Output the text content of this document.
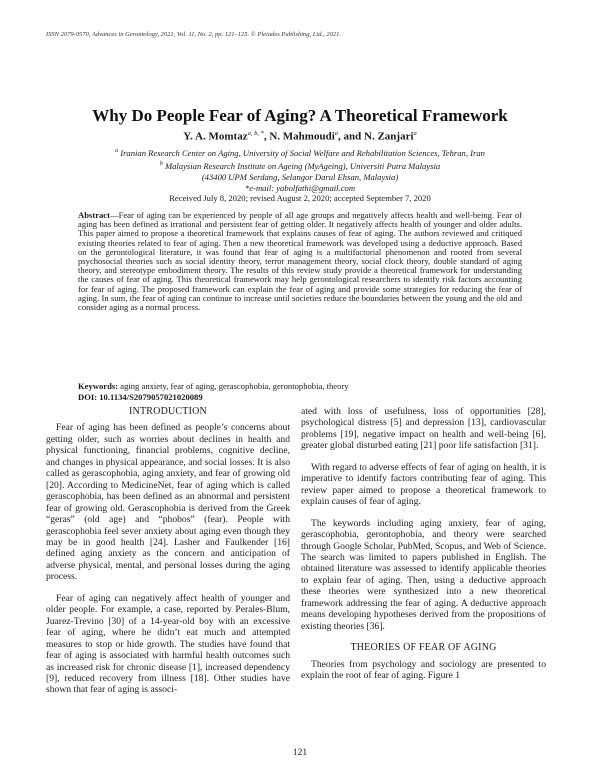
ISSN 2079-0570, Advances in Gerontology, 2021, Vol. 11, No. 2, pp. 121–125. © Pleiades Publishing, Ltd., 2021.
Why Do People Fear of Aging? A Theoretical Framework
Y. A. Momtaz$^{a, b, *}$, N. Mahmoudi$^a$, and N. Zanjari$^a$
$^a$ Iranian Research Center on Aging, University of Social Welfare and Rehabilitation Sciences, Tehran, Iran
$^b$ Malaysian Research Institute on Ageing (MyAgeing), Universiti Putra Malaysia
(43400 UPM Serdang, Selangor Darul Ehsan, Malaysia)
*e-mail: yabolfathi@gmail.com
Received July 8, 2020; revised August 2, 2020; accepted September 7, 2020
Abstract—Fear of aging can be experienced by people of all age groups and negatively affects health and well-being. Fear of aging has been defined as irrational and persistent fear of getting older. It negatively affects health of younger and older adults. This paper aimed to propose a theoretical framework that explains causes of fear of aging. The authors reviewed and critiqued existing theories related to fear of aging. Then a new theoretical framework was developed using a deductive approach. Based on the gerontological literature, it was found that fear of aging is a multifactorial phenomenon and rooted from several psychosocial theories such as social identity theory, terror management theory, social clock theory, double standard of aging theory, and stereotype embodiment theory. The results of this review study provide a theoretical framework for understanding the causes of fear of aging. This theoretical framework may help gerontological researchers to identify risk factors accounting for fear of aging. The proposed framework can explain the fear of aging and provide some strategies for reducing the fear of aging. In sum, the fear of aging can continue to increase until societies reduce the boundaries between the young and the old and consider aging as a normal process.
Keywords: aging anxiety, fear of aging, gerascophobia, gerontophobia, theory
DOI: 10.1134/S2079057021020089
INTRODUCTION

Fear of aging has been defined as people’s concerns about getting older, such as worries about declines in health and physical functioning, financial problems, cognitive decline, and changes in physical appearance, and social losses. It is also called as gerascophobia, aging anxiety, and fear of growing old [20]. According to MedicineNet, fear of aging which is called gerascophobia, has been defined as an abnormal and persistent fear of growing old. Gerascophobia is derived from the Greek “geras” (old age) and “phobos” (fear). People with gerascophobia feel sever anxiety about aging even though they may be in good health [24]. Lasher and Faulkender [16] defined aging anxiety as the concern and anticipation of adverse physical, mental, and personal losses during the aging process.

Fear of aging can negatively affect health of younger and older people. For example, a case, reported by Perales-Blum, Juarez-Trevino [30] of a 14-year-old boy with an excessive fear of aging, where he didn’t eat much and attempted measures to stop or hide growth. The studies have found that fear of aging is associated with harmful health outcomes such as increased risk for chronic disease [1], increased dependency [9], reduced recovery from illness [18]. Other studies have shown that fear of aging is associ-

ated with loss of usefulness, loss of opportunities [28], psychological distress [5] and depression [13], cardiovascular problems [19], negative impact on health and well-being [6], greater global disturbed eating [21] poor life satisfaction [31].

With regard to adverse effects of fear of aging on health, it is imperative to identify factors contributing fear of aging. This review paper aimed to propose a theoretical framework to explain causes of fear of aging.

The keywords including aging anxiety, fear of aging, gerascophobia, gerontophobia, and theory were searched through Google Scholar, PubMed, Scopus, and Web of Science. The search was limited to papers published in English. The obtained literature was assessed to identify applicable theories to explain fear of aging. Then, using a deductive approach these theories were synthesized into a new theoretical framework addressing the fear of aging. A deductive approach means developing hypotheses derived from the propositions of existing theories [36].

THEORIES OF FEAR OF AGING

Theories from psychology and sociology are presented to explain the root of fear of aging. Figure 1

121
